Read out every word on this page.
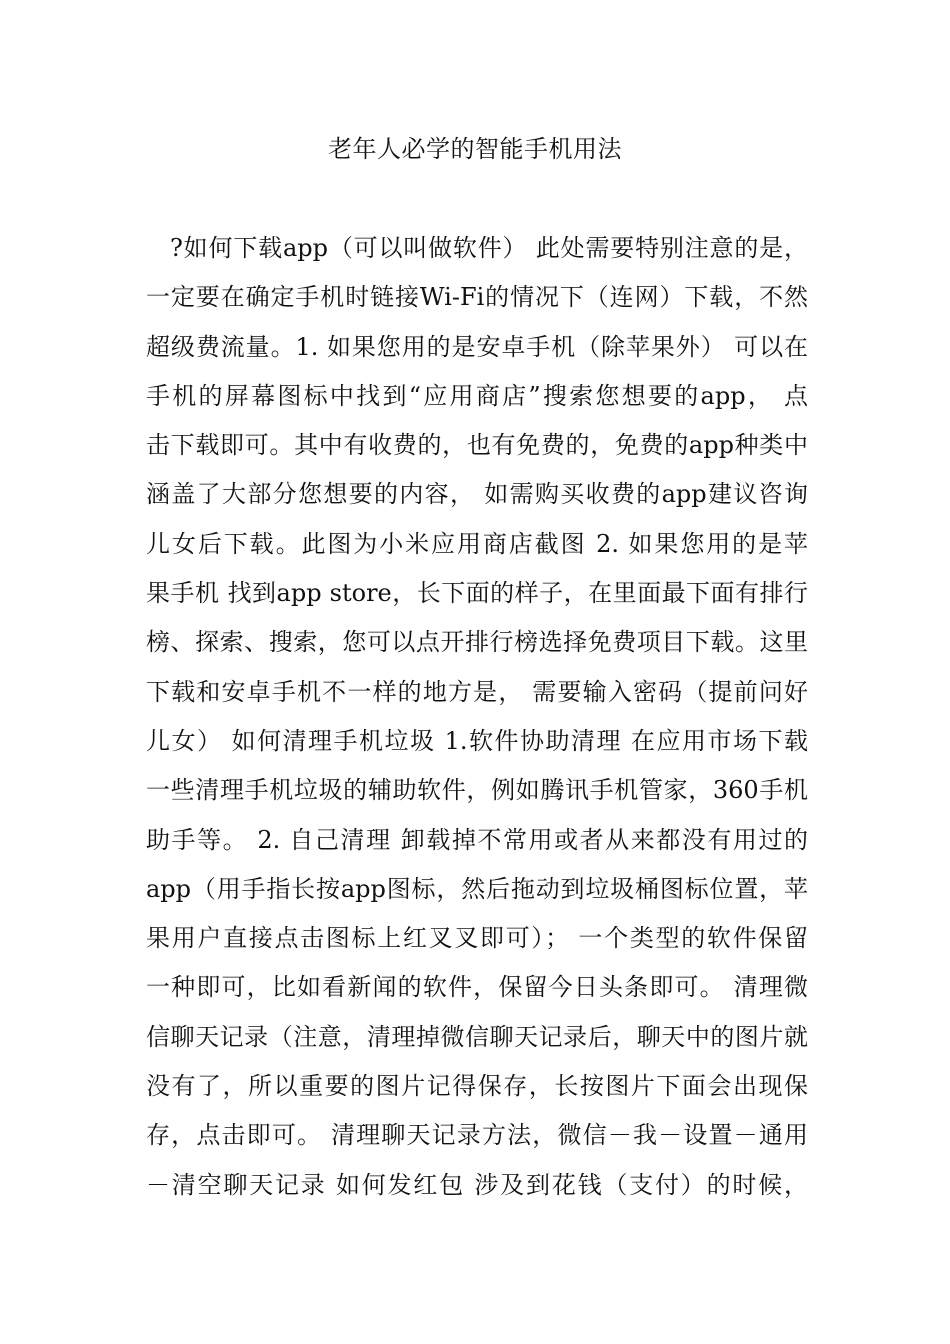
老年人必学的智能手机用法
?如何下载app（可以叫做软件） 此处需要特别注意的是，
一定要在确定手机时链接Wi-Fi的情况下（连网）下载，不然
超级费流量。1. 如果您用的是安卓手机（除苹果外） 可以在
手机的屏幕图标中找到“应用商店”搜索您想要的app， 点
击下载即可。其中有收费的，也有免费的，免费的app种类中
涵盖了大部分您想要的内容， 如需购买收费的app建议咨询
儿女后下载。此图为小米应用商店截图 2. 如果您用的是苹
果手机 找到app store，长下面的样子，在里面最下面有排行
榜、探索、搜索，您可以点开排行榜选择免费项目下载。这里
下载和安卓手机不一样的地方是， 需要输入密码（提前问好
儿女） 如何清理手机垃圾 1.软件协助清理 在应用市场下载
一些清理手机垃圾的辅助软件，例如腾讯手机管家，360手机
助手等。 2. 自己清理 卸载掉不常用或者从来都没有用过的
app（用手指长按app图标，然后拖动到垃圾桶图标位置，苹
果用户直接点击图标上红叉叉即可）； 一个类型的软件保留
一种即可，比如看新闻的软件，保留今日头条即可。 清理微
信聊天记录（注意，清理掉微信聊天记录后，聊天中的图片就
没有了，所以重要的图片记得保存，长按图片下面会出现保
存，点击即可。 清理聊天记录方法，微信－我－设置－通用
－清空聊天记录 如何发红包 涉及到花钱（支付）的时候，
